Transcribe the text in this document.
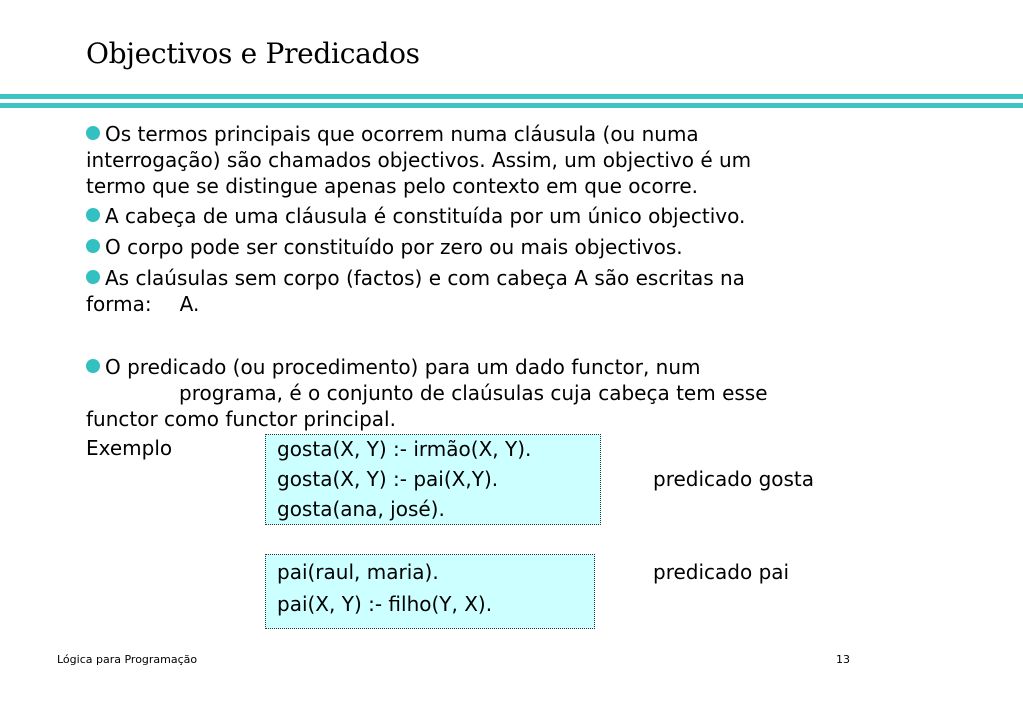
Objectivos e Predicados
Os termos principais que ocorrem numa cláusula (ou numa
interrogação) são chamados objectivos. Assim, um objectivo é um
termo que se distingue apenas pelo contexto em que ocorre.
A cabeça de uma cláusula é constituída por um único objectivo.
O corpo pode ser constituído por zero ou mais objectivos.
As claúsulas sem corpo (factos) e com cabeça A são escritas na
forma: A.
O predicado (ou procedimento) para um dado functor, num
programa, é o conjunto de claúsulas cuja cabeça tem esse
functor como functor principal.
Exemplo	gosta(X, Y) :- irmão(X, Y).
gosta(X, Y) :- pai(X,Y).
gosta(ana, josé).
predicado gosta
pai(raul, maria).
pai(X, Y) :- filho(Y, X).
predicado pai
Lógica para Programação	13
